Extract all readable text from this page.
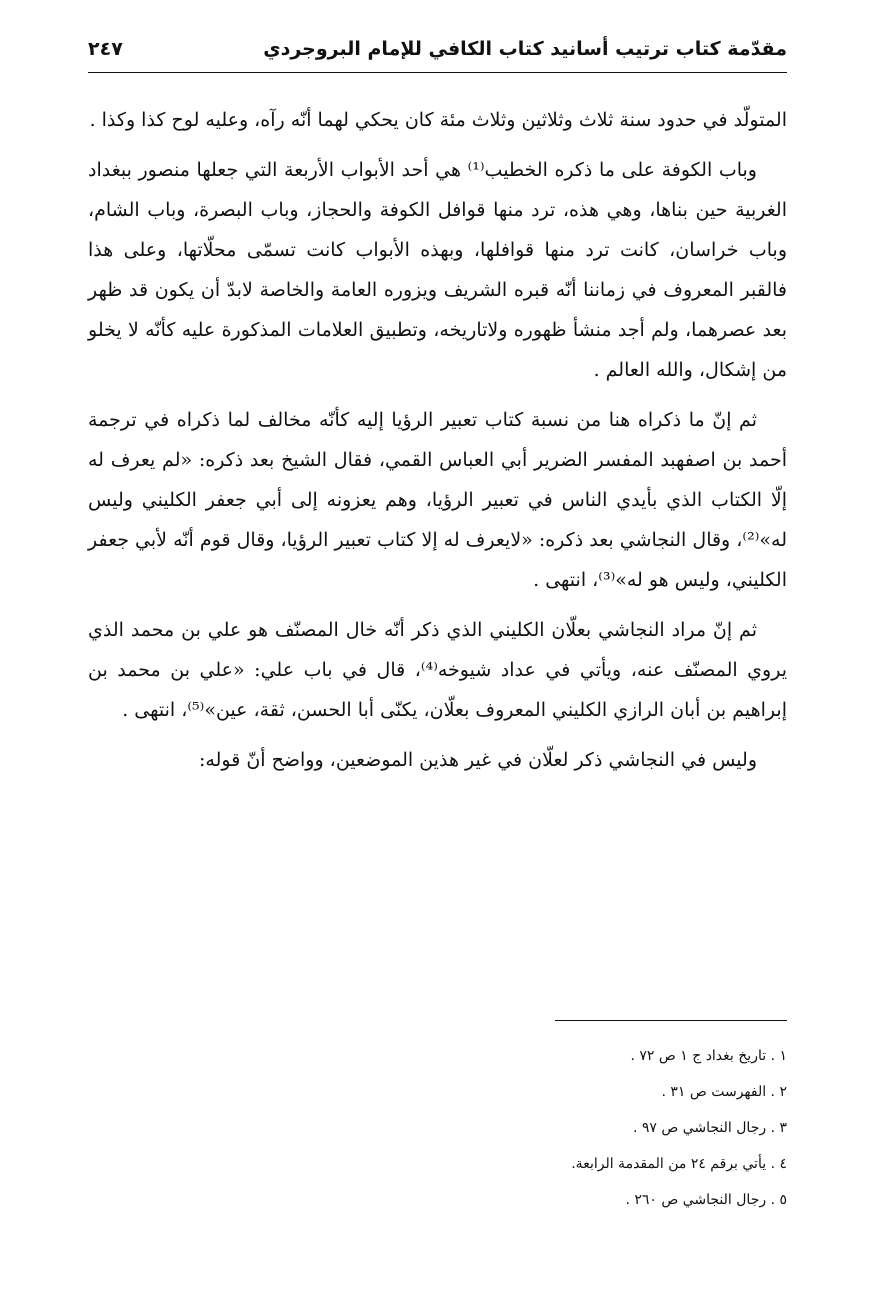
مقدّمة كتاب ترتيب أسانيد كتاب الكافي للإمام البروجردي
٢٤٧

المتولّد في حدود سنة ثلاث وثلاثين وثلاث مئة كان يحكي لهما أنّه رآه، وعليه لوح كذا وكذا .

وباب الكوفة على ما ذكره الخطيب⁽¹⁾ هي أحد الأبواب الأربعة التي جعلها منصور ببغداد الغربية حين بناها، وهي هذه، ترد منها قوافل الكوفة والحجاز، وباب البصرة، وباب الشام، وباب خراسان، كانت ترد منها قوافلها، وبهذه الأبواب كانت تسمّى محلّاتها، وعلى هذا فالقبر المعروف في زماننا أنّه قبره الشريف ويزوره العامة والخاصة لابدّ أن يكون قد ظهر بعد عصرهما، ولم أجد منشأ ظهوره ولاتاريخه، وتطبيق العلامات المذكورة عليه كأنّه لا يخلو من إشكال، والله العالم .

ثم إنّ ما ذكراه هنا من نسبة كتاب تعبير الرؤيا إليه كأنّه مخالف لما ذكراه في ترجمة أحمد بن اصفهبد المفسر الضرير أبي العباس القمي، فقال الشيخ بعد ذكره: «لم يعرف له إلّا الكتاب الذي بأيدي الناس في تعبير الرؤيا، وهم يعزونه إلى أبي جعفر الكليني وليس له»⁽²⁾، وقال النجاشي بعد ذكره: «لايعرف له إلا كتاب تعبير الرؤيا، وقال قوم أنّه لأبي جعفر الكليني، وليس هو له»⁽³⁾، انتهى .

ثم إنّ مراد النجاشي بعلّان الكليني الذي ذكر أنّه خال المصنّف هو علي بن محمد الذي يروي المصنّف عنه، ويأتي في عداد شيوخه⁽⁴⁾، قال في باب علي: «علي بن محمد بن إبراهيم بن أبان الرازي الكليني المعروف بعلّان، يكنّى أبا الحسن، ثقة، عين»⁽⁵⁾، انتهى .

وليس في النجاشي ذكر لعلّان في غير هذين الموضعين، وواضح أنّ قوله:

١ . تاريخ بغداد ج ١ ص ٧٢ .
٢ . الفهرست ص ٣١ .
٣ . رجال النجاشي ص ٩٧ .
٤ . يأتي برقم ٢٤ من المقدمة الرابعة.
٥ . رجال النجاشي ص ٢٦٠ .
